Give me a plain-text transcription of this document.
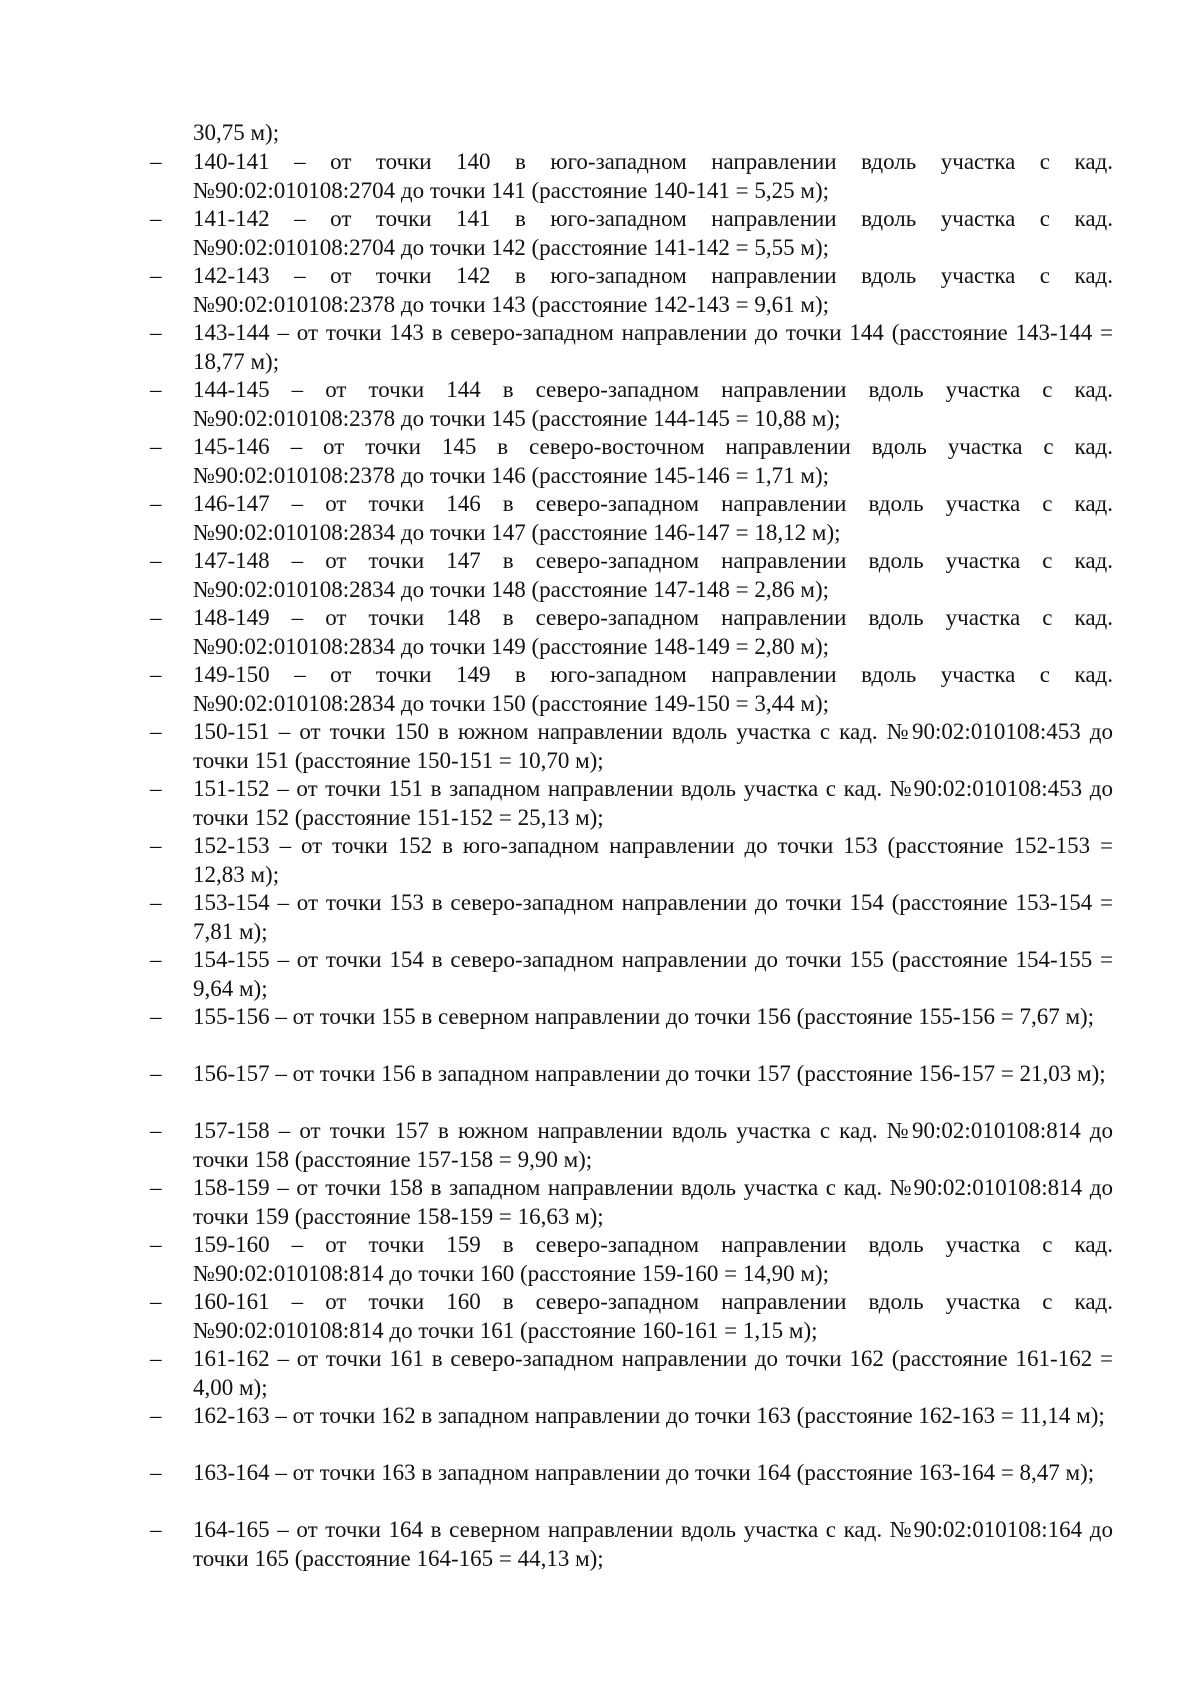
30,75 м);

–	140-141 – от точки 140 в юго-западном направлении вдоль участка с кад. №90:02:010108:2704 до точки 141 (расстояние 140-141 = 5,25 м);
–	141-142 – от точки 141 в юго-западном направлении вдоль участка с кад. №90:02:010108:2704 до точки 142 (расстояние 141-142 = 5,55 м);
–	142-143 – от точки 142 в юго-западном направлении вдоль участка с кад. №90:02:010108:2378 до точки 143 (расстояние 142-143 = 9,61 м);
–	143-144 – от точки 143 в северо-западном направлении до точки 144 (расстояние 143-144 = 18,77 м);
–	144-145 – от точки 144 в северо-западном направлении вдоль участка с кад. №90:02:010108:2378 до точки 145 (расстояние 144-145 = 10,88 м);
–	145-146 – от точки 145 в северо-восточном направлении вдоль участка с кад. №90:02:010108:2378 до точки 146 (расстояние 145-146 = 1,71 м);
–	146-147 – от точки 146 в северо-западном направлении вдоль участка с кад. №90:02:010108:2834 до точки 147 (расстояние 146-147 = 18,12 м);
–	147-148 – от точки 147 в северо-западном направлении вдоль участка с кад. №90:02:010108:2834 до точки 148 (расстояние 147-148 = 2,86 м);
–	148-149 – от точки 148 в северо-западном направлении вдоль участка с кад. №90:02:010108:2834 до точки 149 (расстояние 148-149 = 2,80 м);
–	149-150 – от точки 149 в юго-западном направлении вдоль участка с кад. №90:02:010108:2834 до точки 150 (расстояние 149-150 = 3,44 м);
–	150-151 – от точки 150 в южном направлении вдоль участка с кад. №90:02:010108:453 до точки 151 (расстояние 150-151 = 10,70 м);
–	151-152 – от точки 151 в западном направлении вдоль участка с кад. №90:02:010108:453 до точки 152 (расстояние 151-152 = 25,13 м);
–	152-153 – от точки 152 в юго-западном направлении до точки 153 (расстояние 152-153 = 12,83 м);
–	153-154 – от точки 153 в северо-западном направлении до точки 154 (расстояние 153-154 = 7,81 м);
–	154-155 – от точки 154 в северо-западном направлении до точки 155 (расстояние 154-155 = 9,64 м);
–	155-156 – от точки 155 в северном направлении до точки 156 (расстояние 155-156 = 7,67 м);
–	156-157 – от точки 156 в западном направлении до точки 157 (расстояние 156-157 = 21,03 м);
–	157-158 – от точки 157 в южном направлении вдоль участка с кад. №90:02:010108:814 до точки 158 (расстояние 157-158 = 9,90 м);
–	158-159 – от точки 158 в западном направлении вдоль участка с кад. №90:02:010108:814 до точки 159 (расстояние 158-159 = 16,63 м);
–	159-160 – от точки 159 в северо-западном направлении вдоль участка с кад. №90:02:010108:814 до точки 160 (расстояние 159-160 = 14,90 м);
–	160-161 – от точки 160 в северо-западном направлении вдоль участка с кад. №90:02:010108:814 до точки 161 (расстояние 160-161 = 1,15 м);
–	161-162 – от точки 161 в северо-западном направлении до точки 162 (расстояние 161-162 = 4,00 м);
–	162-163 – от точки 162 в западном направлении до точки 163 (расстояние 162-163 = 11,14 м);
–	163-164 – от точки 163 в западном направлении до точки 164 (расстояние 163-164 = 8,47 м);
–	164-165 – от точки 164 в северном направлении вдоль участка с кад. №90:02:010108:164 до точки 165 (расстояние 164-165 = 44,13 м);
